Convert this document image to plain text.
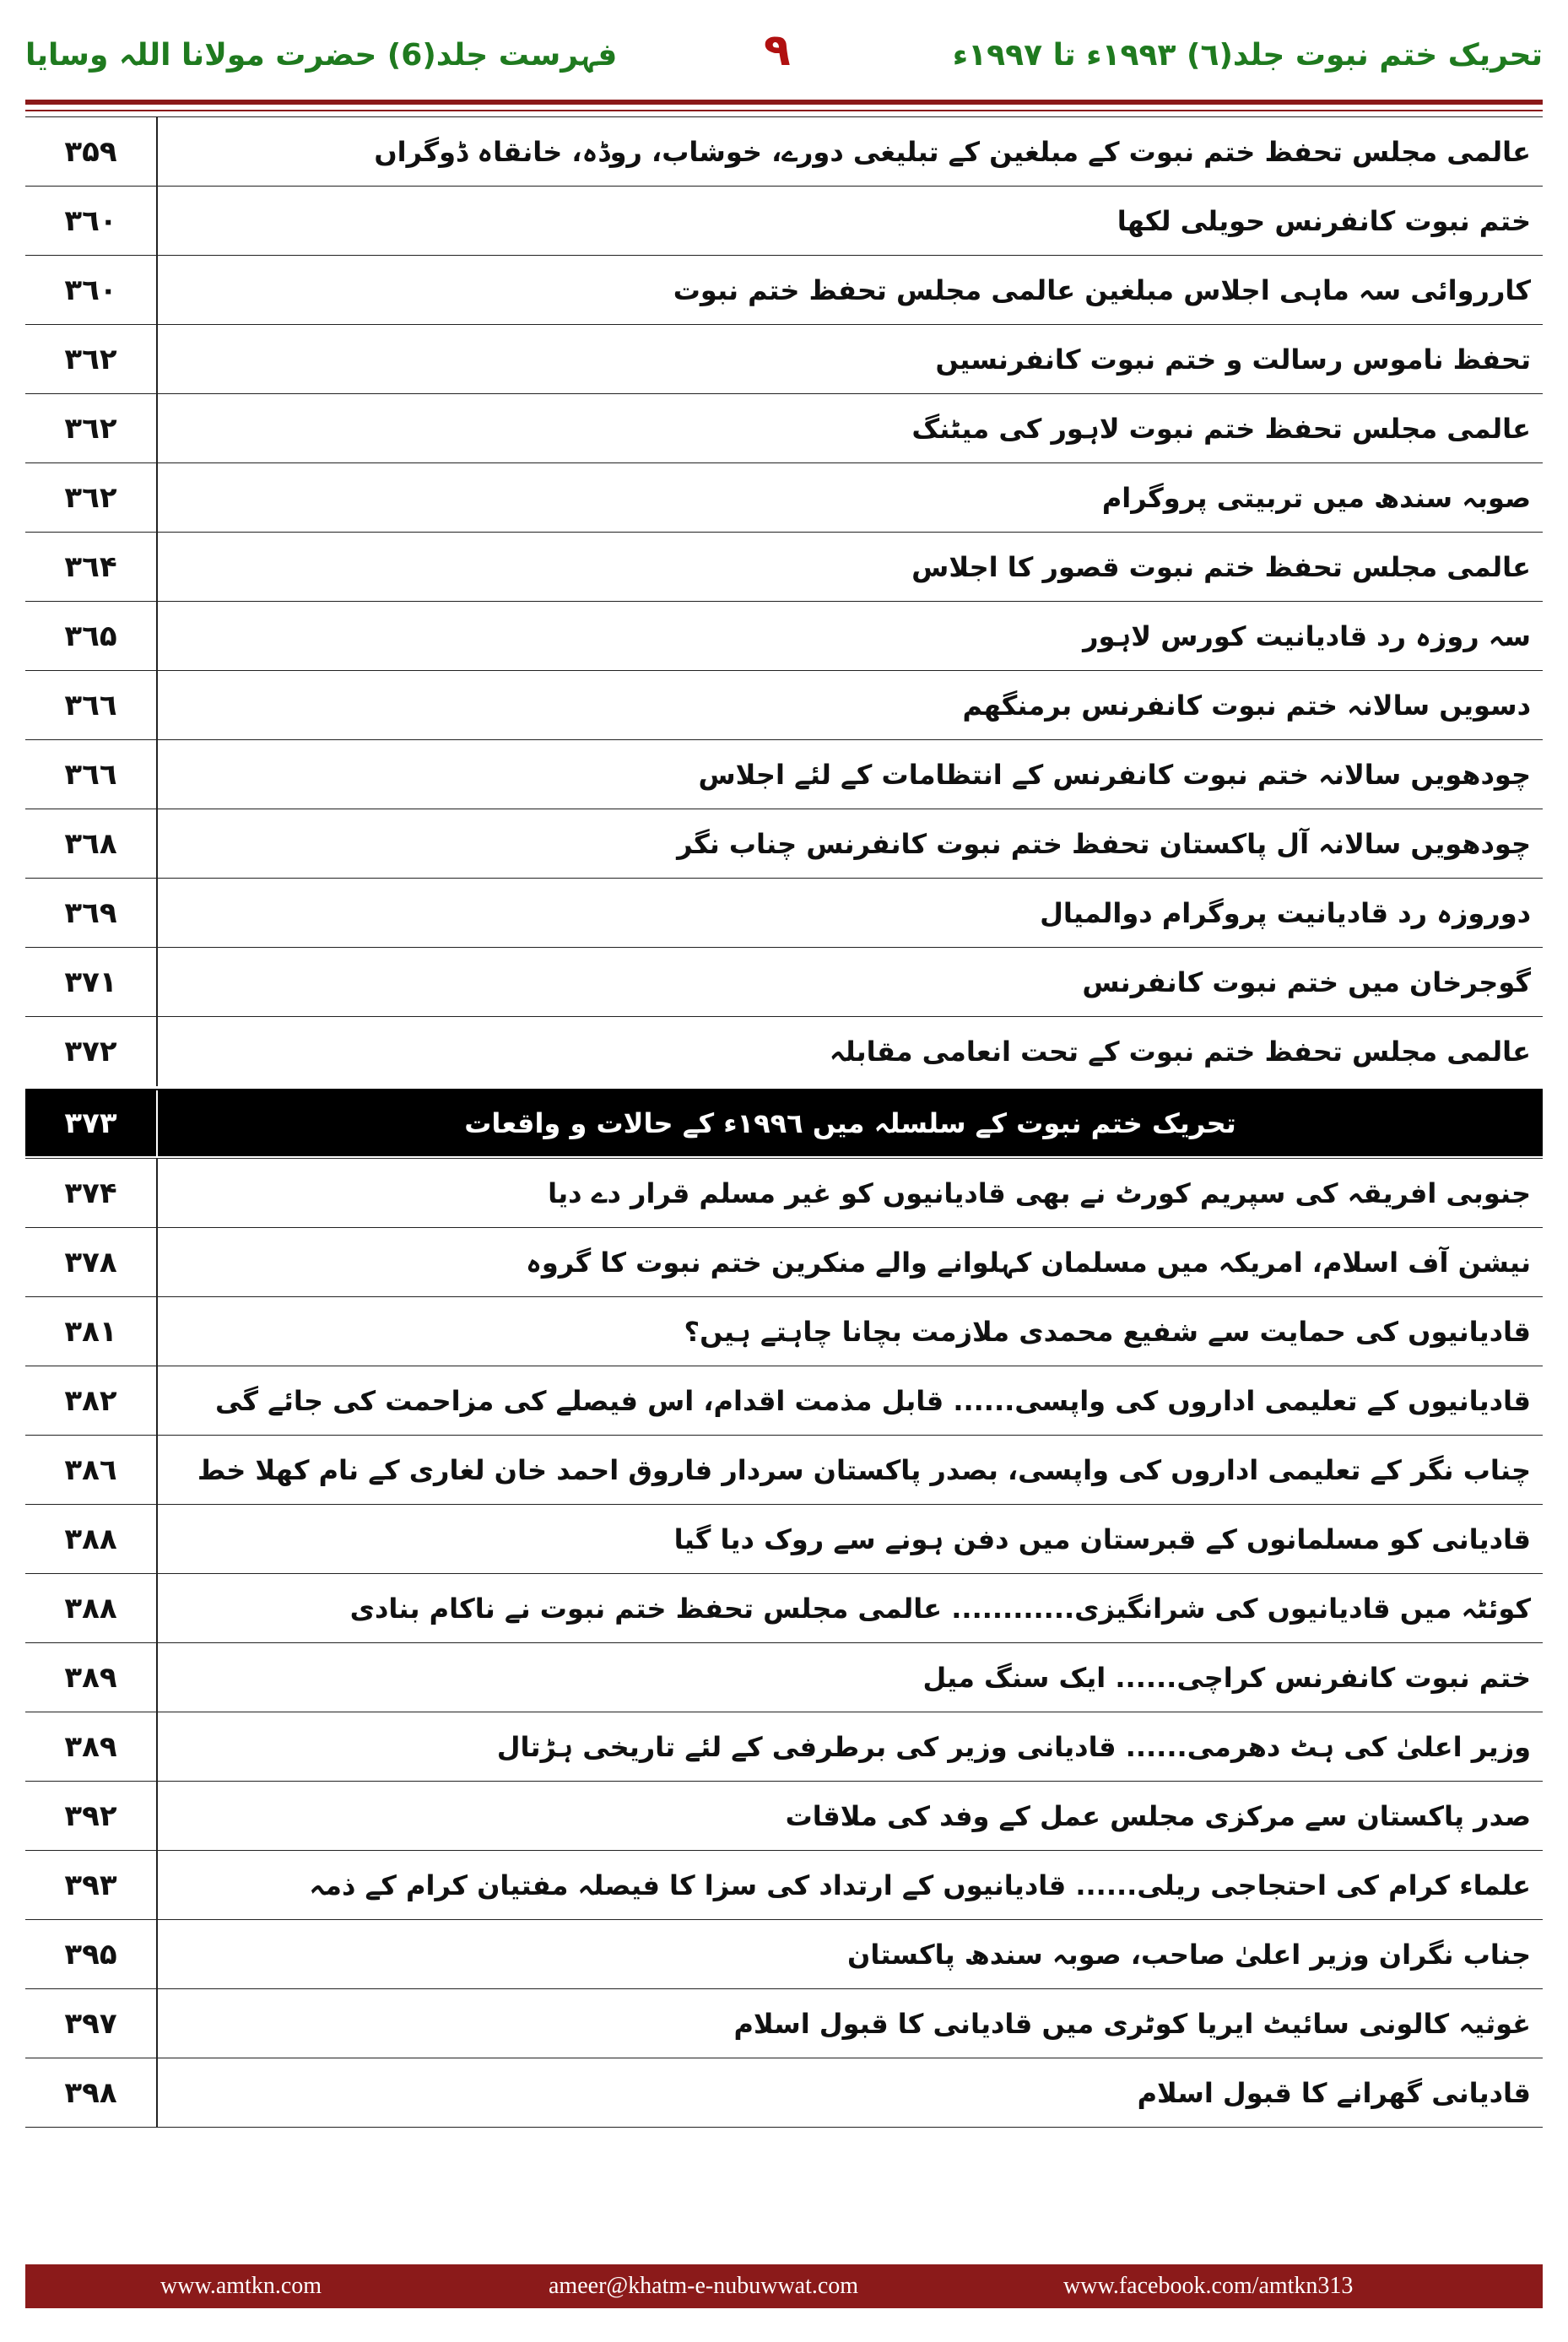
فہرست جلد(6) حضرت مولانا اللہ وسایا	۹	تحریک ختم نبوت جلد(٦) ۱۹۹۳ء تا ۱۹۹۷ء
۳۵۹	عالمی مجلس تحفظ ختم نبوت کے مبلغین کے تبلیغی دورے، خوشاب، روڈہ، خانقاہ ڈوگراں
۳٦۰	ختم نبوت کانفرنس حویلی لکھا
۳٦۰	کارروائی سہ ماہی اجلاس مبلغین عالمی مجلس تحفظ ختم نبوت
۳٦۲	تحفظ ناموس رسالت و ختم نبوت کانفرنسیں
۳٦۲	عالمی مجلس تحفظ ختم نبوت لاہور کی میٹنگ
۳٦۲	صوبہ سندھ میں تربیتی پروگرام
۳٦۴	عالمی مجلس تحفظ ختم نبوت قصور کا اجلاس
۳٦۵	سہ روزہ رد قادیانیت کورس لاہور
۳٦٦	دسویں سالانہ ختم نبوت کانفرنس برمنگھم
۳٦٦	چودھویں سالانہ ختم نبوت کانفرنس کے انتظامات کے لئے اجلاس
۳٦۸	چودھویں سالانہ آل پاکستان تحفظ ختم نبوت کانفرنس چناب نگر
۳٦۹	دوروزہ رد قادیانیت پروگرام دوالمیال
۳۷۱	گوجرخان میں ختم نبوت کانفرنس
۳۷۲	عالمی مجلس تحفظ ختم نبوت کے تحت انعامی مقابلہ
۳۷۳	تحریک ختم نبوت کے سلسلہ میں ۱۹۹٦ء کے حالات و واقعات
۳۷۴	جنوبی افریقہ کی سپریم کورٹ نے بھی قادیانیوں کو غیر مسلم قرار دے دیا
۳۷۸	نیشن آف اسلام، امریکہ میں مسلمان کہلوانے والے منکرین ختم نبوت کا گروہ
۳۸۱	قادیانیوں کی حمایت سے شفیع محمدی ملازمت بچانا چاہتے ہیں؟
۳۸۲	قادیانیوں کے تعلیمی اداروں کی واپسی...... قابل مذمت اقدام، اس فیصلے کی مزاحمت کی جائے گی
۳۸٦	چناب نگر کے تعلیمی اداروں کی واپسی، بصدر پاکستان سردار فاروق احمد خان لغاری کے نام کھلا خط
۳۸۸	قادیانی کو مسلمانوں کے قبرستان میں دفن ہونے سے روک دیا گیا
۳۸۸	کوئٹہ میں قادیانیوں کی شرانگیزی............ عالمی مجلس تحفظ ختم نبوت نے ناکام بنادی
۳۸۹	ختم نبوت کانفرنس کراچی...... ایک سنگ میل
۳۸۹	وزیر اعلیٰ کی ہٹ دھرمی...... قادیانی وزیر کی برطرفی کے لئے تاریخی ہڑتال
۳۹۲	صدر پاکستان سے مرکزی مجلس عمل کے وفد کی ملاقات
۳۹۳	علماء کرام کی احتجاجی ریلی...... قادیانیوں کے ارتداد کی سزا کا فیصلہ مفتیان کرام کے ذمہ
۳۹۵	جناب نگران وزیر اعلیٰ صاحب، صوبہ سندھ پاکستان
۳۹۷	غوثیہ کالونی سائیٹ ایریا کوٹری میں قادیانی کا قبول اسلام
۳۹۸	قادیانی گھرانے کا قبول اسلام
www.amtkn.com	ameer@khatm-e-nubuwwat.com	www.facebook.com/amtkn313
